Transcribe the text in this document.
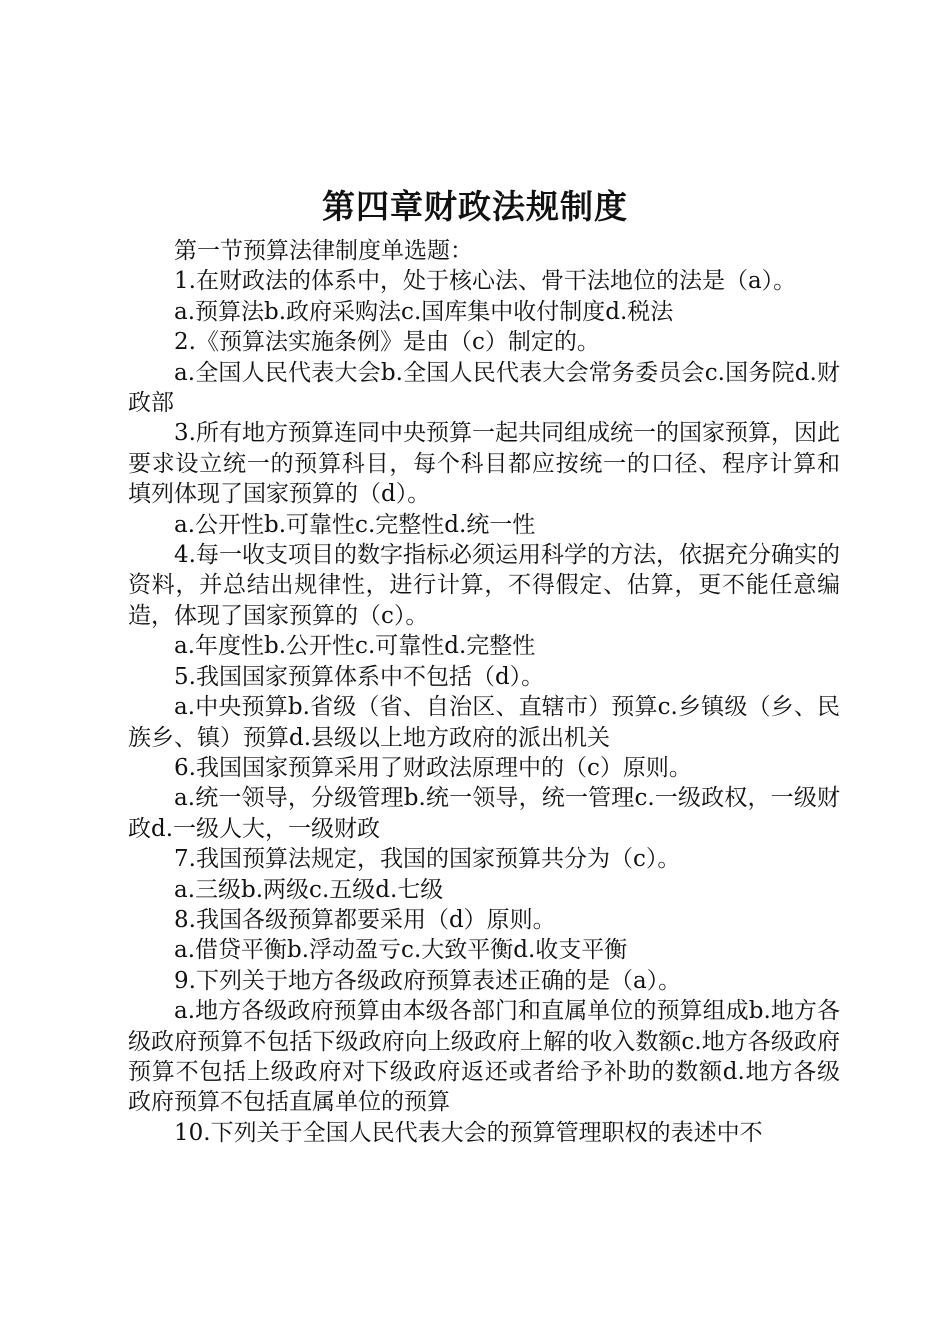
第四章财政法规制度

第一节预算法律制度单选题：

1.在财政法的体系中，处于核心法、骨干法地位的法是（a）。

a.预算法b.政府采购法c.国库集中收付制度d.税法

2.《预算法实施条例》是由（c）制定的。

a.全国人民代表大会b.全国人民代表大会常务委员会c.国务院d.财政部

3.所有地方预算连同中央预算一起共同组成统一的国家预算，因此要求设立统一的预算科目，每个科目都应按统一的口径、程序计算和填列体现了国家预算的（d）。

a.公开性b.可靠性c.完整性d.统一性

4.每一收支项目的数字指标必须运用科学的方法，依据充分确实的资料，并总结出规律性，进行计算，不得假定、估算，更不能任意编造，体现了国家预算的（c）。

a.年度性b.公开性c.可靠性d.完整性

5.我国国家预算体系中不包括（d）。

a.中央预算b.省级（省、自治区、直辖市）预算c.乡镇级（乡、民族乡、镇）预算d.县级以上地方政府的派出机关

6.我国国家预算采用了财政法原理中的（c）原则。

a.统一领导，分级管理b.统一领导，统一管理c.一级政权，一级财政d.一级人大，一级财政

7.我国预算法规定，我国的国家预算共分为（c）。

a.三级b.两级c.五级d.七级

8.我国各级预算都要采用（d）原则。

a.借贷平衡b.浮动盈亏c.大致平衡d.收支平衡

9.下列关于地方各级政府预算表述正确的是（a）。

a.地方各级政府预算由本级各部门和直属单位的预算组成b.地方各级政府预算不包括下级政府向上级政府上解的收入数额c.地方各级政府预算不包括上级政府对下级政府返还或者给予补助的数额d.地方各级政府预算不包括直属单位的预算

10.下列关于全国人民代表大会的预算管理职权的表述中不
